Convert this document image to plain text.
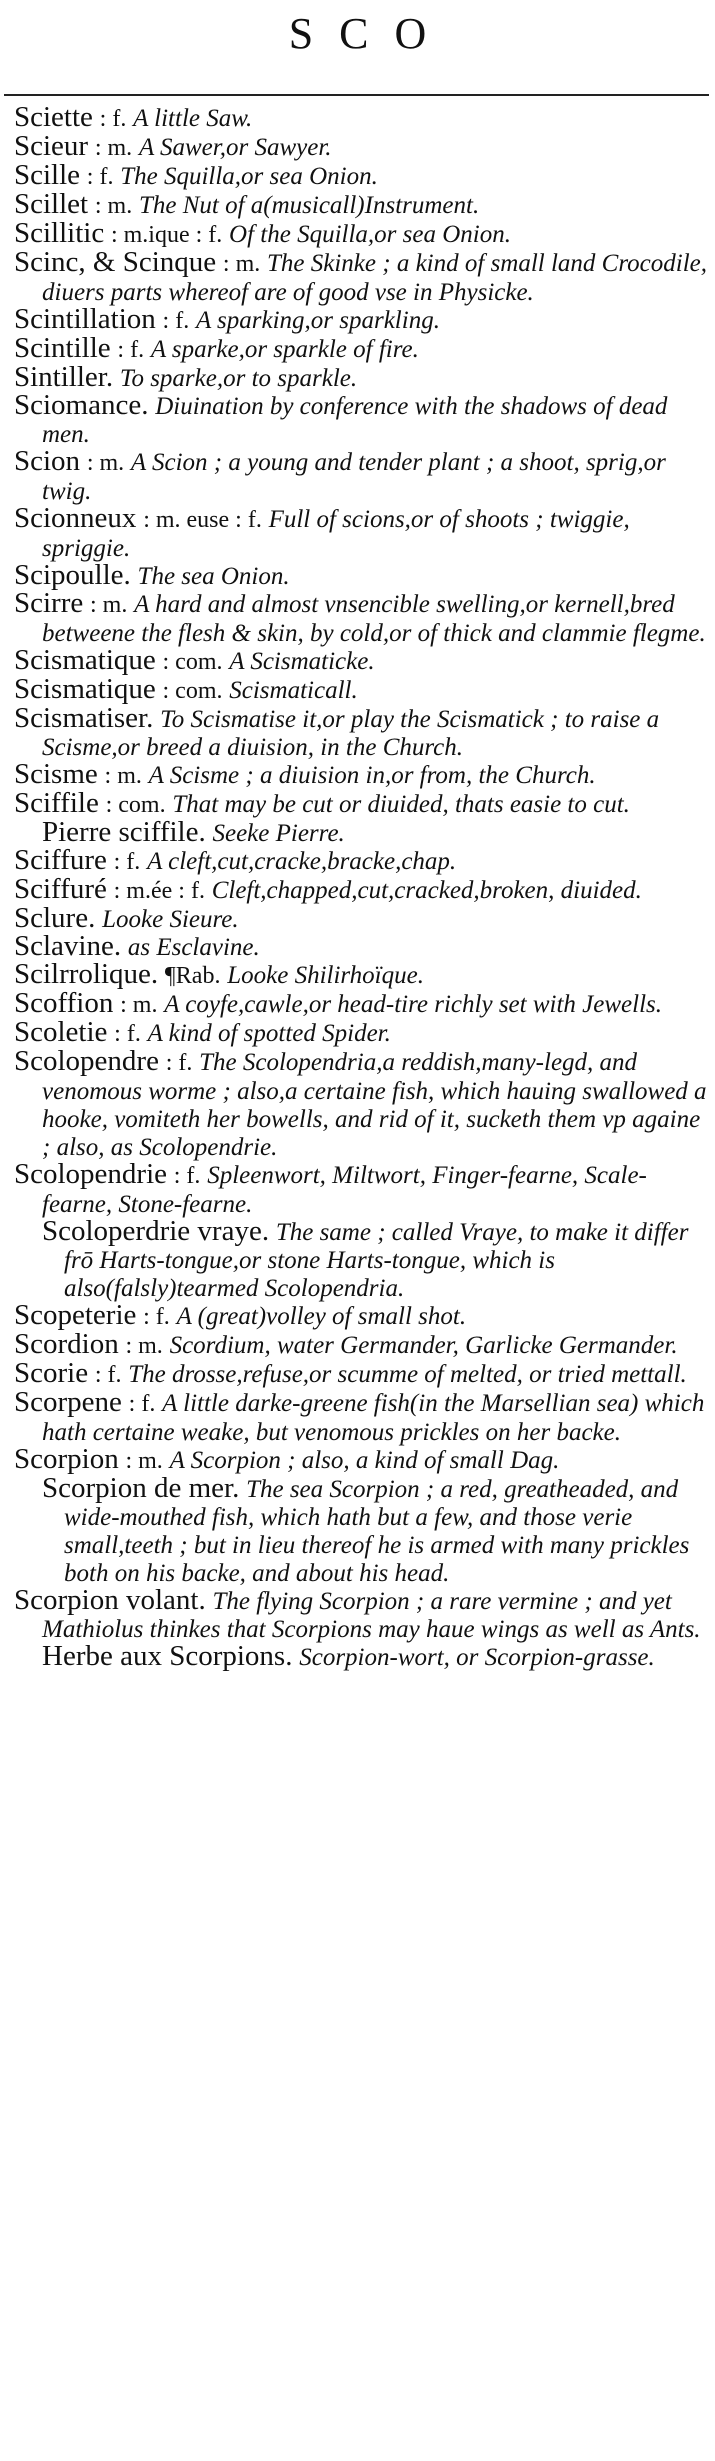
SCO

Sciette : f. A little Saw.

Scieur : m. A Sawer,or Sawyer.

Scille : f. The Squilla,or sea Onion.

Scillet : m. The Nut of a(musicall)Instrument.

Scillitic : m.ique : f. Of the Squilla,or sea Onion.

Scinc, & Scinque : m. The Skinke ; a kind of small land Crocodile, diuers parts whereof are of good vse in Physicke.

Scintillation : f. A sparking,or sparkling.

Scintille : f. A sparke,or sparkle of fire.

Sintiller. To sparke,or to sparkle.

Sciomance. Diuination by conference with the shadows of dead men.

Scion : m. A Scion ; a young and tender plant ; a shoot, sprig,or twig.

Scionneux : m. euse : f. Full of scions,or of shoots ; twiggie, spriggie.

Scipoulle. The sea Onion.

Scirre : m. A hard and almost vnsencible swelling,or kernell,bred betweene the flesh & skin, by cold,or of thick and clammie flegme.

Scismatique : com. A Scismaticke.

Scismatique : com. Scismaticall.

Scismatiser. To Scismatise it,or play the Scismatick ; to raise a Scisme,or breed a diuision, in the Church.

Scisme : m. A Scisme ; a diuision in,or from, the Church.

Sciffile : com. That may be cut or diuided, thats easie to cut.

Pierre sciffile. Seeke Pierre.

Sciffure : f. A cleft,cut,cracke,bracke,chap.

Sciffuré : m.ée : f. Cleft,chapped,cut,cracked,broken, diuided.

Sclure. Looke Sieure.

Sclavine. as Esclavine.

Scilrrolique. ¶Rab. Looke Shilirhoïque.

Scoffion : m. A coyfe,cawle,or head-tire richly set with Jewells.

Scoletie : f. A kind of spotted Spider.

Scolopendre : f. The Scolopendria,a reddish,many-legd, and venomous worme ; also,a certaine fish, which hauing swallowed a hooke, vomiteth her bowells, and rid of it, sucketh them vp againe ; also, as Scolopendrie.

Scolopendrie : f. Spleenwort, Miltwort, Finger-fearne, Scale-fearne, Stone-fearne.

Scoloperdrie vraye. The same ; called Vraye, to make it differ frō Harts-tongue,or stone Harts-tongue, which is also(falsly)tearmed Scolopendria.

Scopeterie : f. A (great)volley of small shot.

Scordion : m. Scordium, water Germander, Garlicke Germander.

Scorie : f. The drosse,refuse,or scumme of melted, or tried mettall.

Scorpene : f. A little darke-greene fish(in the Marsellian sea) which hath certaine weake, but venomous prickles on her backe.

Scorpion : m. A Scorpion ; also, a kind of small Dag.

Scorpion de mer. The sea Scorpion ; a red, greatheaded, and wide-mouthed fish, which hath but a few, and those verie small,teeth ; but in lieu thereof he is armed with many prickles both on his backe, and about his head.

Scorpion volant. The flying Scorpion ; a rare vermine ; and yet Mathiolus thinkes that Scorpions may haue wings as well as Ants.

Herbe aux Scorpions. Scorpion-wort, or Scorpion-grasse.
